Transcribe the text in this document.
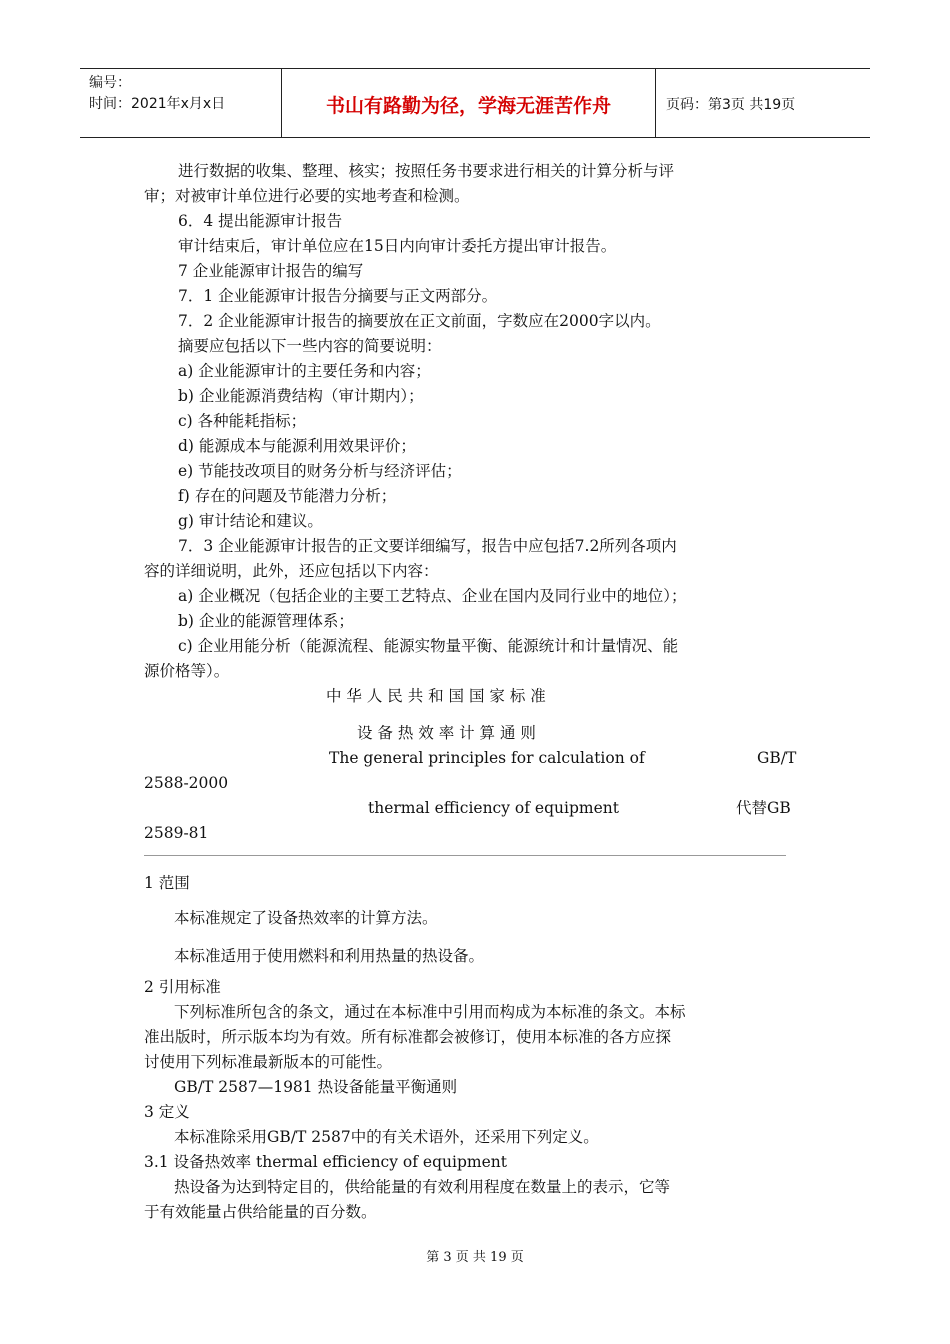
编号：
时间：2021年x月x日	书山有路勤为径，学海无涯苦作舟	页码：第3页 共19页
进行数据的收集、整理、核实；按照任务书要求进行相关的计算分析与评
审；对被审计单位进行必要的实地考查和检测。
6．4 提出能源审计报告
审计结束后，审计单位应在15日内向审计委托方提出审计报告。
7 企业能源审计报告的编写
7．1 企业能源审计报告分摘要与正文两部分。
7．2 企业能源审计报告的摘要放在正文前面，字数应在2000字以内。
摘要应包括以下一些内容的简要说明：
a) 企业能源审计的主要任务和内容；
b) 企业能源消费结构（审计期内）；
c) 各种能耗指标；
d) 能源成本与能源利用效果评价；
e) 节能技改项目的财务分析与经济评估；
f) 存在的问题及节能潜力分析；
g) 审计结论和建议。
7．3 企业能源审计报告的正文要详细编写，报告中应包括7.2所列各项内
容的详细说明，此外，还应包括以下内容：
a) 企业概况（包括企业的主要工艺特点、企业在国内及同行业中的地位）；
b) 企业的能源管理体系；
c) 企业用能分析（能源流程、能源实物量平衡、能源统计和计量情况、能
源价格等）。
中 华 人 民 共 和 国 国 家 标 准
设 备 热 效 率 计 算 通 则
The general principles for calculation of	GB/T
2588-2000
thermal efficiency of equipment	代替GB
2589-81
1 范围
本标准规定了设备热效率的计算方法。
本标准适用于使用燃料和利用热量的热设备。
2 引用标准
下列标准所包含的条文，通过在本标准中引用而构成为本标准的条文。本标
准出版时，所示版本均为有效。所有标准都会被修订，使用本标准的各方应探
讨使用下列标准最新版本的可能性。
GB/T 2587—1981 热设备能量平衡通则
3 定义
本标准除采用GB/T 2587中的有关术语外，还采用下列定义。
3.1 设备热效率 thermal efficiency of equipment
热设备为达到特定目的，供给能量的有效利用程度在数量上的表示，它等
于有效能量占供给能量的百分数。
第 3 页 共 19 页
